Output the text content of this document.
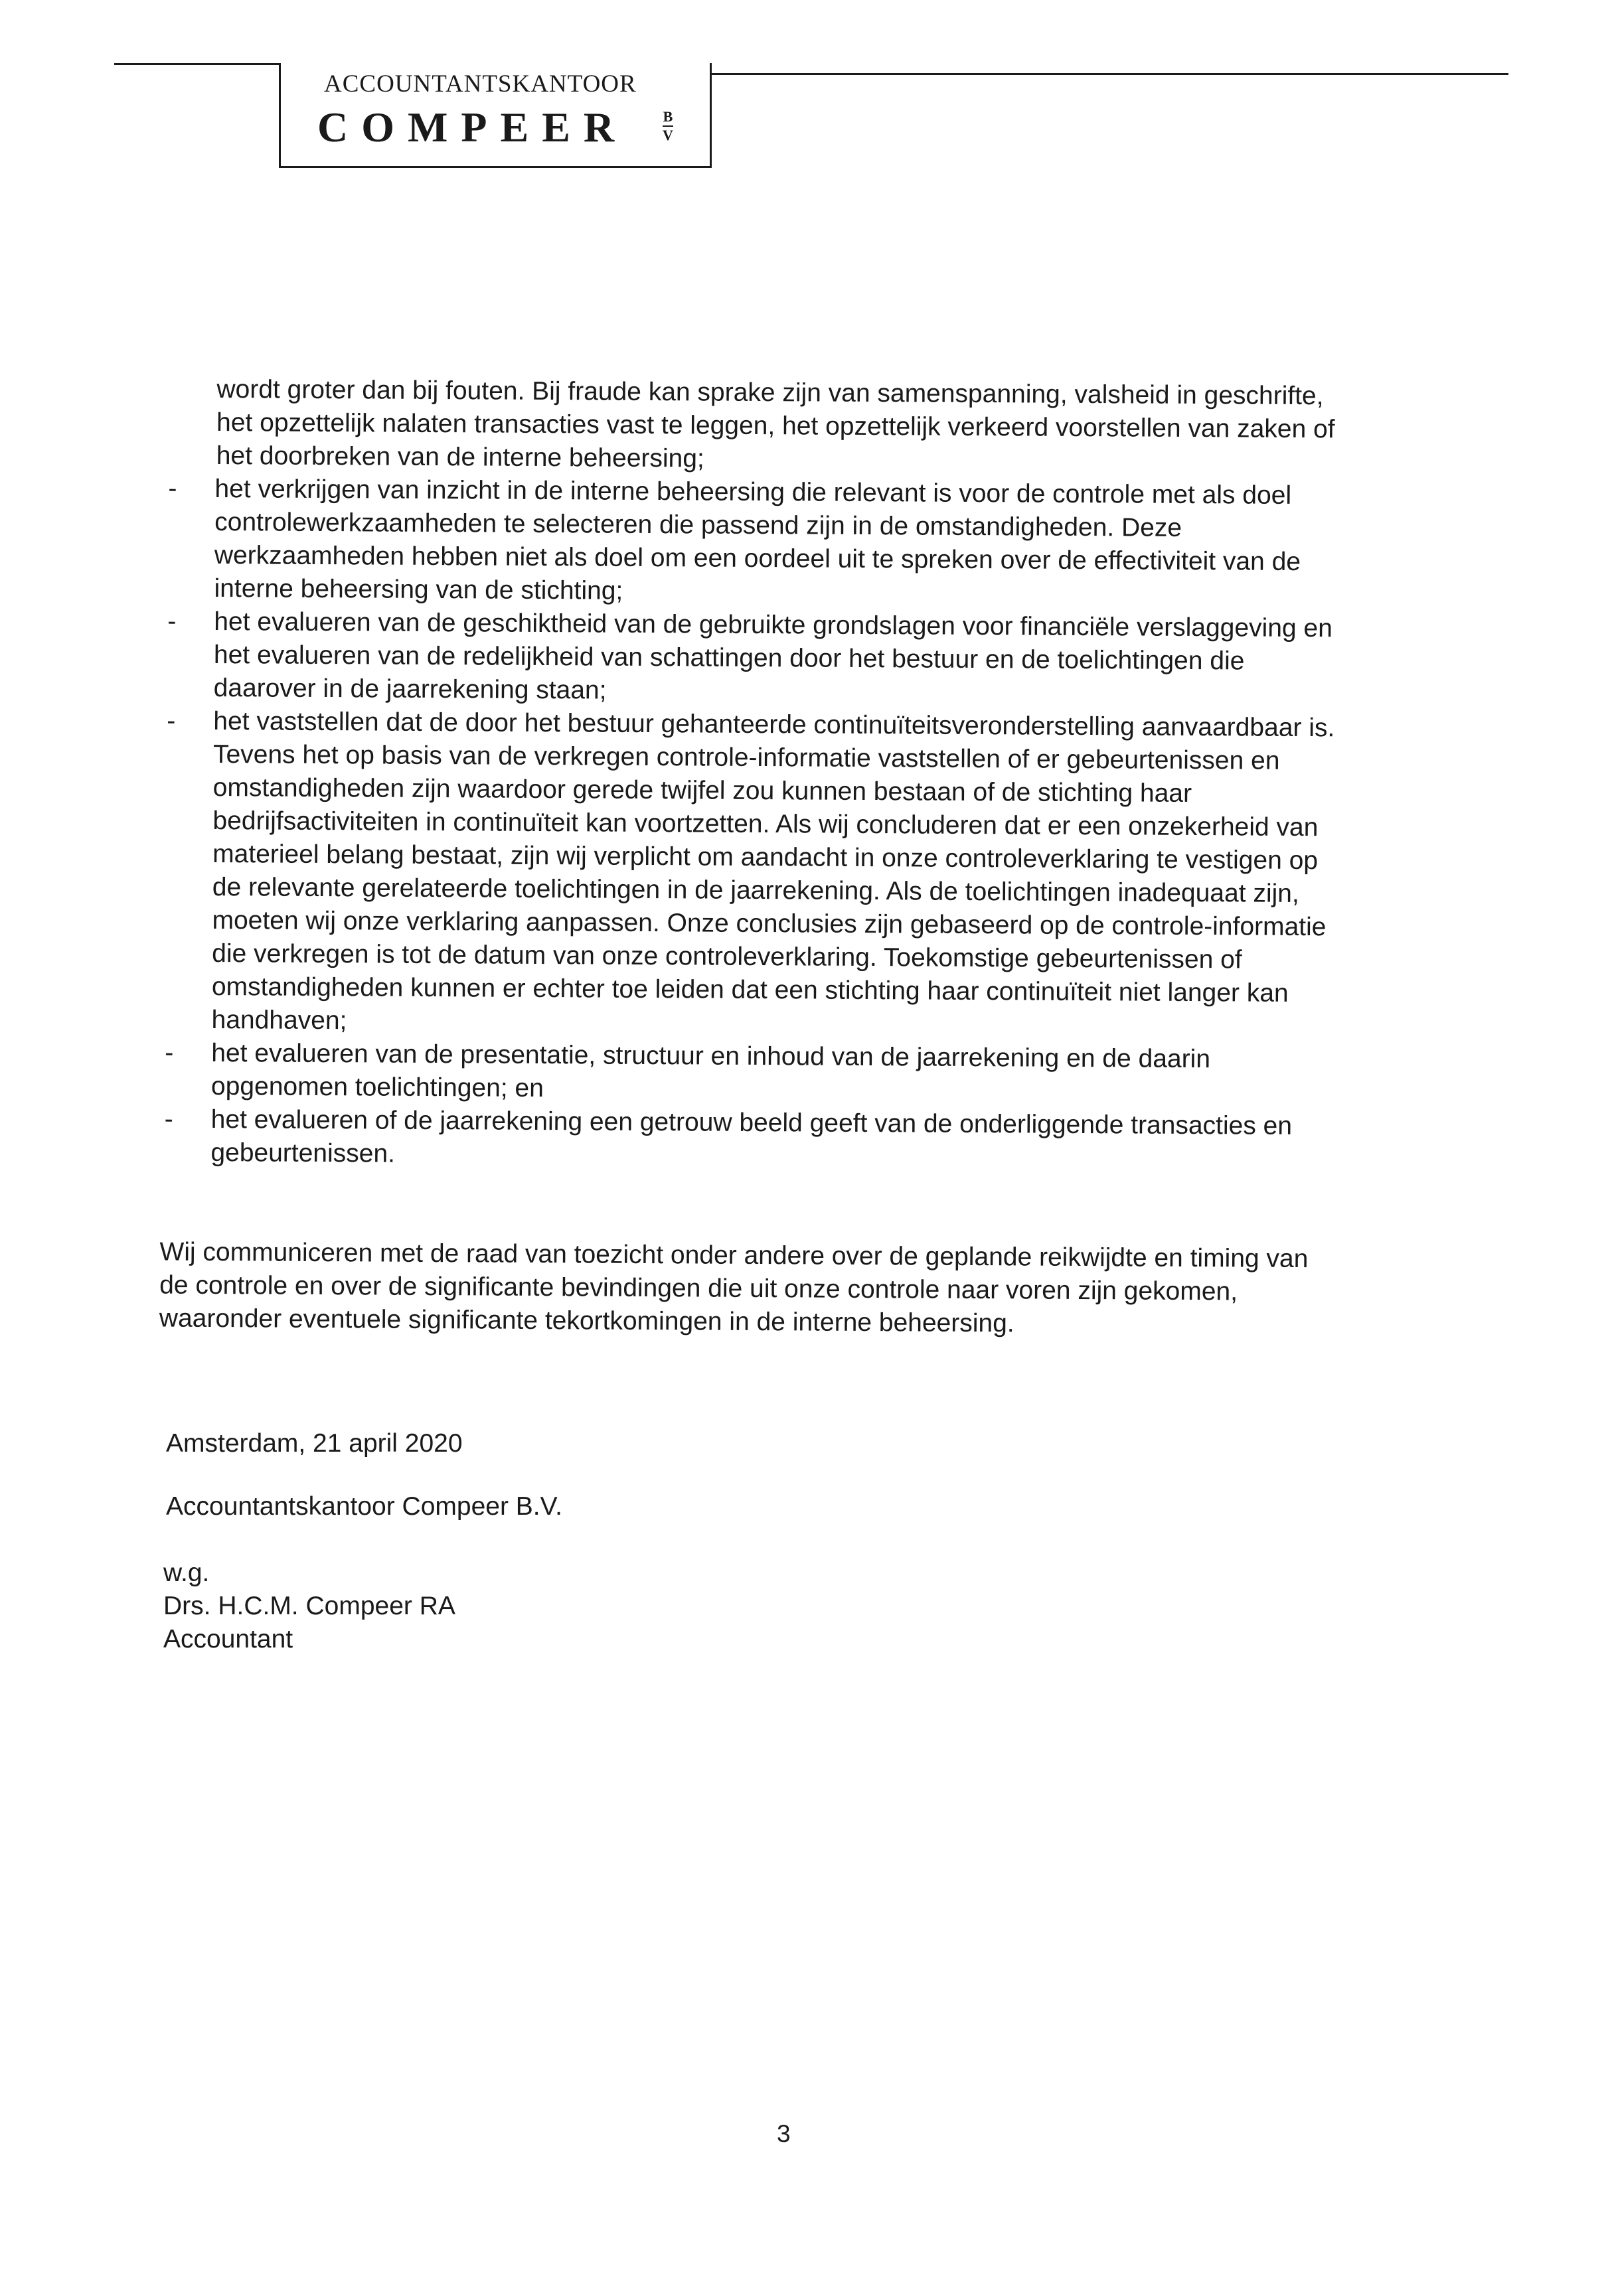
ACCOUNTANTSKANTOOR
COMPEER	B
V
wordt groter dan bij fouten. Bij fraude kan sprake zijn van samenspanning, valsheid in geschrifte,
het opzettelijk nalaten transacties vast te leggen, het opzettelijk verkeerd voorstellen van zaken of
het doorbreken van de interne beheersing;
- het verkrijgen van inzicht in de interne beheersing die relevant is voor de controle met als doel
controlewerkzaamheden te selecteren die passend zijn in de omstandigheden. Deze
werkzaamheden hebben niet als doel om een oordeel uit te spreken over de effectiviteit van de
interne beheersing van de stichting;
- het evalueren van de geschiktheid van de gebruikte grondslagen voor financiële verslaggeving en
het evalueren van de redelijkheid van schattingen door het bestuur en de toelichtingen die
daarover in de jaarrekening staan;
- het vaststellen dat de door het bestuur gehanteerde continuïteitsveronderstelling aanvaardbaar is.
Tevens het op basis van de verkregen controle-informatie vaststellen of er gebeurtenissen en
omstandigheden zijn waardoor gerede twijfel zou kunnen bestaan of de stichting haar
bedrijfsactiviteiten in continuïteit kan voortzetten. Als wij concluderen dat er een onzekerheid van
materieel belang bestaat, zijn wij verplicht om aandacht in onze controleverklaring te vestigen op
de relevante gerelateerde toelichtingen in de jaarrekening. Als de toelichtingen inadequaat zijn,
moeten wij onze verklaring aanpassen. Onze conclusies zijn gebaseerd op de controle-informatie
die verkregen is tot de datum van onze controleverklaring. Toekomstige gebeurtenissen of
omstandigheden kunnen er echter toe leiden dat een stichting haar continuïteit niet langer kan
handhaven;
- het evalueren van de presentatie, structuur en inhoud van de jaarrekening en de daarin
opgenomen toelichtingen; en
- het evalueren of de jaarrekening een getrouw beeld geeft van de onderliggende transacties en
gebeurtenissen.
Wij communiceren met de raad van toezicht onder andere over de geplande reikwijdte en timing van
de controle en over de significante bevindingen die uit onze controle naar voren zijn gekomen,
waaronder eventuele significante tekortkomingen in de interne beheersing.
Amsterdam, 21 april 2020
Accountantskantoor Compeer B.V.
w.g.
Drs. H.C.M. Compeer RA
Accountant
3
